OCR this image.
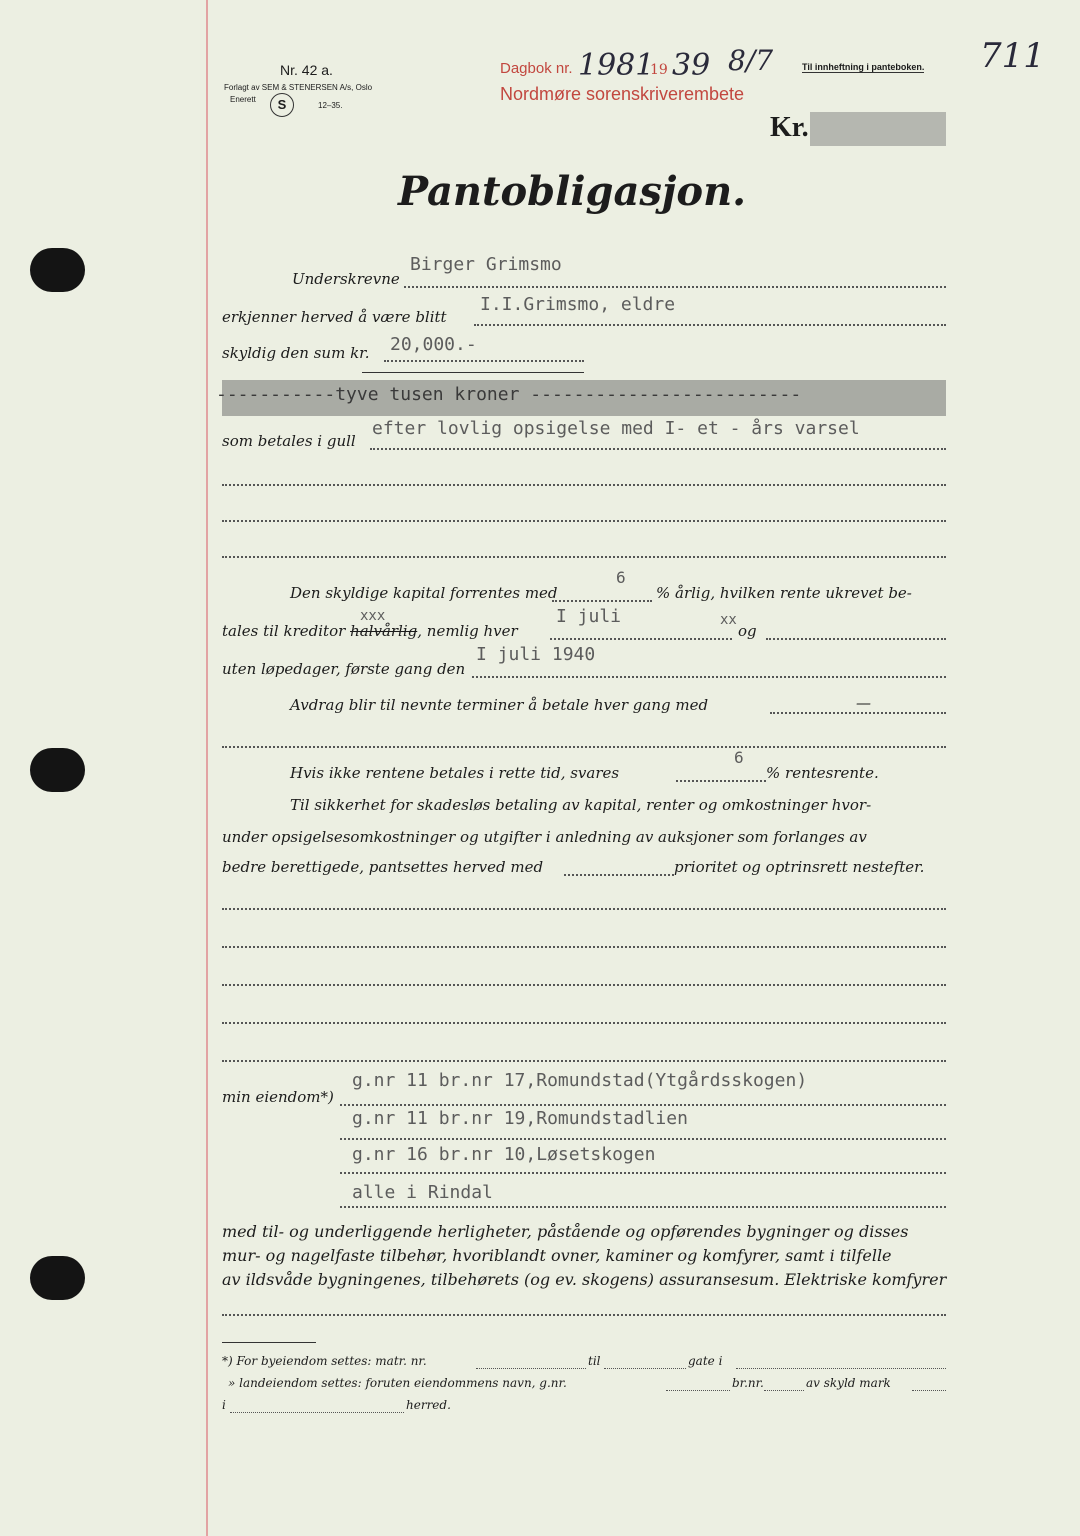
Nr. 42 a.
Forlagt av SEM & STENERSEN A/s, Oslo
Enerett	S	12–35.
Dagbok nr. 1981
19 39 8/7
Nordmøre sorenskriverembete
Til innheftning i panteboken. 711
Kr.
Pantobligasjon.
Underskrevne
Birger Grimsmo
erkjenner herved å være blitt
I.I.Grimsmo, eldre
skyldig den sum kr. 20,000.-
-----------tyve tusen kroner -------------------------
som betales i gull
efter lovlig opsigelse med I- et - års varsel
Den skyldige kapital forrentes med
6
% årlig, hvilken rente ukrevet be-
xxx
tales til kreditor halvårlig, nemlig hver
I juli	xx
og
uten løpedager, første gang den
I juli 1940
Avdrag blir til nevnte terminer å betale hver gang med	—
Hvis ikke rentene betales i rette tid, svares
6
% rentesrente.
Til sikkerhet for skadesløs betaling av kapital, renter og omkostninger hvor-
under opsigelsesomkostninger og utgifter i anledning av auksjoner som forlanges av
bedre berettigede, pantsettes herved med	prioritet og optrinsrett nestefter.
min eiendom*)
g.nr 11 br.nr 17,Romundstad(Ytgårdsskogen)
g.nr 11 br.nr 19,Romundstadlien
g.nr 16 br.nr 10,Løsetskogen
alle i Rindal
med til- og underliggende herligheter, påstående og opførendes bygninger og disses
mur- og nagelfaste tilbehør, hvoriblandt ovner, kaminer og komfyrer, samt i tilfelle
av ildsvåde bygningenes, tilbehørets (og ev. skogens) assuransesum. Elektriske komfyrer
*) For byeiendom settes: matr. nr.	til	gate i
» landeiendom settes: foruten eiendommens navn, g.nr.	br.nr.	av skyld mark
i	herred.
